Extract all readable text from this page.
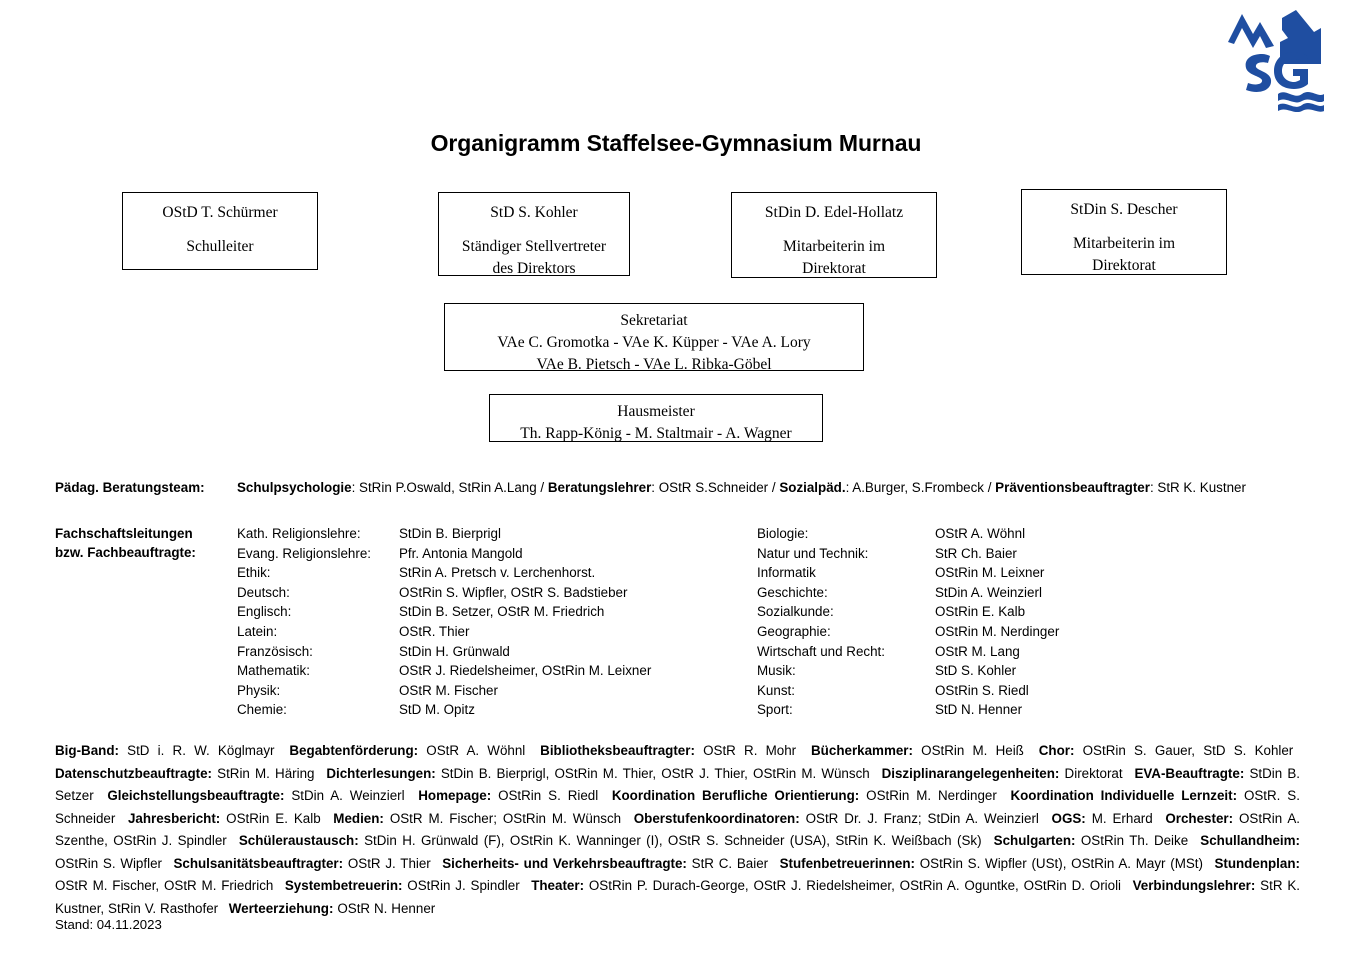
Organigramm Staffelsee-Gymnasium Murnau
OStD T. Schürmer
Schulleiter
StD S. Kohler
Ständiger Stellvertreter
des Direktors
StDin D. Edel-Hollatz
Mitarbeiterin im
Direktorat
StDin S. Descher
Mitarbeiterin im
Direktorat
Sekretariat
VAe C. Gromotka - VAe K. Küpper - VAe A. Lory
VAe B. Pietsch - VAe L. Ribka-Göbel
Hausmeister
Th. Rapp-König - M. Staltmair - A. Wagner
Pädag. Beratungsteam: Schulpsychologie: StRin P.Oswald, StRin A.Lang / Beratungslehrer: OStR S.Schneider / Sozialpäd.: A.Burger, S.Frombeck / Präventionsbeauftragter: StR K. Kustner
Fachschaftsleitungen
bzw. Fachbeauftragte:
Kath. Religionslehre:	StDin B. Bierprigl
Evang. Religionslehre: Pfr. Antonia Mangold
Ethik:	StRin A. Pretsch v. Lerchenhorst.
Deutsch:	OStRin S. Wipfler, OStR S. Badstieber
Englisch:	StDin B. Setzer, OStR M. Friedrich
Latein:	OStR. Thier
Französisch:	StDin H. Grünwald
Mathematik:	OStR J. Riedelsheimer, OStRin M. Leixner
Physik:	OStR M. Fischer
Chemie:	StD M. Opitz
Biologie:	OStR A. Wöhnl
Natur und Technik:	StR Ch. Baier
Informatik	OStRin M. Leixner
Geschichte:	StDin A. Weinzierl
Sozialkunde:	OStRin E. Kalb
Geographie:	OStRin M. Nerdinger
Wirtschaft und Recht:	OStR M. Lang
Musik:	StD S. Kohler
Kunst:	OStRin S. Riedl
Sport:	StD N. Henner
Big-Band: StD i. R. W. Köglmayr  Begabtenförderung: OStR A. Wöhnl  Bibliotheksbeauftragter: OStR R. Mohr  Bücherkammer: OStRin M. Heiß  Chor: OStRin S. Gauer, StD S. Kohler  Datenschutzbeauftragte: StRin M. Häring  Dichterlesungen: StDin B. Bierprigl, OStRin M. Thier, OStR J. Thier, OStRin M. Wünsch  Disziplinarangelegenheiten: Direktorat  EVA-Beauftragte: StDin B. Setzer  Gleichstellungsbeauftragte: StDin A. Weinzierl  Homepage: OStRin S. Riedl  Koordination Berufliche Orientierung: OStRin M. Nerdinger  Koordination Individuelle Lernzeit: OStR. S. Schneider  Jahresbericht: OStRin E. Kalb  Medien: OStR M. Fischer; OStRin M. Wünsch  Oberstufenkoordinatoren: OStR Dr. J. Franz; StDin A. Weinzierl  OGS: M. Erhard  Orchester: OStRin A. Szenthe, OStRin J. Spindler  Schüleraustausch: StDin H. Grünwald (F), OStRin K. Wanninger (I), OStR S. Schneider (USA), StRin K. Weißbach (Sk)  Schulgarten: OStRin Th. Deike  Schullandheim: OStRin S. Wipfler  Schulsanitätsbeauftragter: OStR J. Thier  Sicherheits- und Verkehrsbeauftragte: StR C. Baier  Stufenbetreuerinnen: OStRin S. Wipfler (USt), OStRin A. Mayr (MSt)  Stundenplan: OStR M. Fischer, OStR M. Friedrich  Systembetreuerin: OStRin J. Spindler  Theater: OStRin P. Durach-George, OStR J. Riedelsheimer, OStRin A. Oguntke, OStRin D. Orioli  Verbindungslehrer: StR K. Kustner, StRin V. Rasthofer  Werteerziehung: OStR N. Henner
Stand: 04.11.2023
